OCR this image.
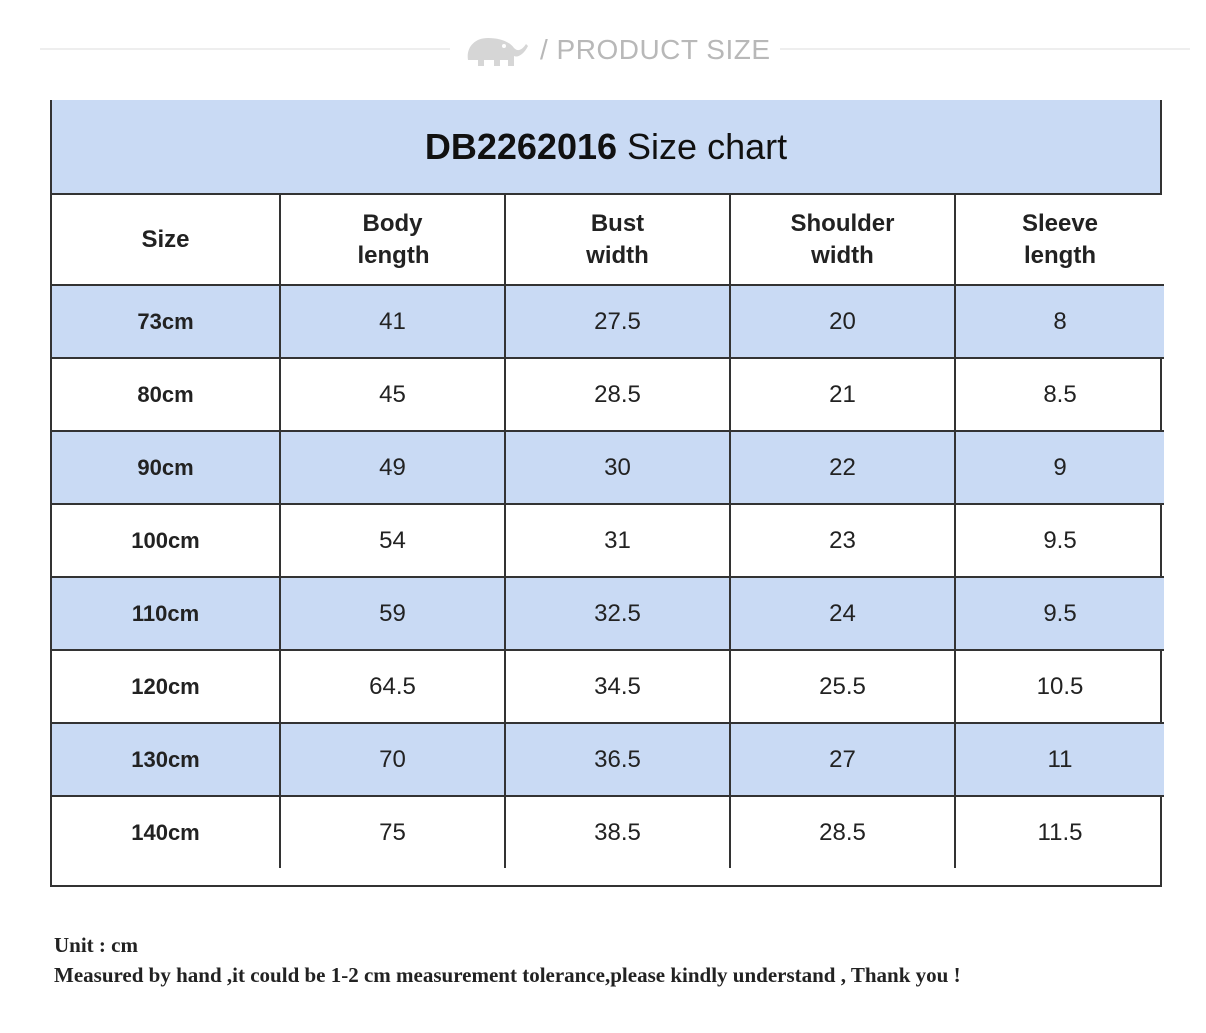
/ PRODUCT SIZE
DB2262016 Size chart
Size	Body length	Bust width	Shoulder width	Sleeve length
73cm	41	27.5	20	8
80cm	45	28.5	21	8.5
90cm	49	30	22	9
100cm	54	31	23	9.5
110cm	59	32.5	24	9.5
120cm	64.5	34.5	25.5	10.5
130cm	70	36.5	27	11
140cm	75	38.5	28.5	11.5
Unit : cm
Measured by hand ,it could be 1-2 cm measurement tolerance,please kindly understand , Thank you !
